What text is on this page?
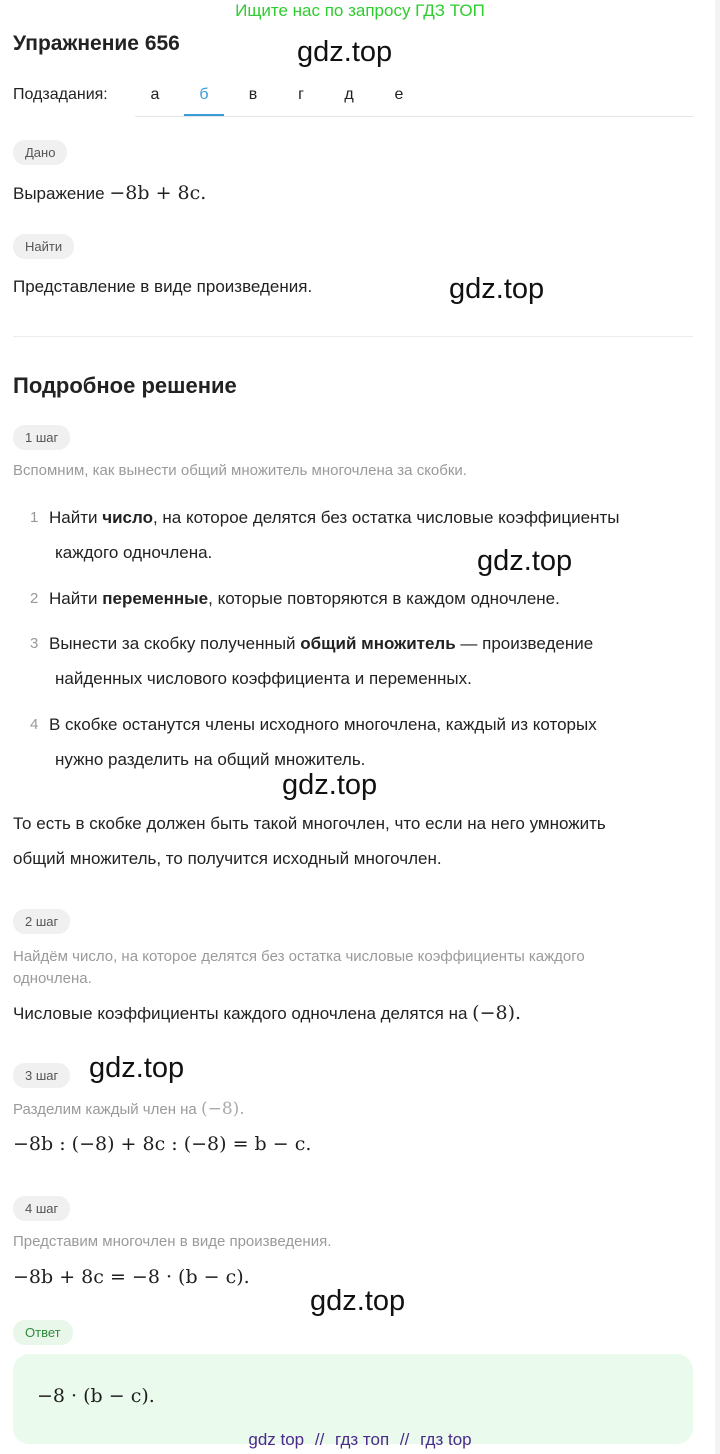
Ищите нас по запросу ГДЗ ТОП
Упражнение 656	gdz.top
Подзадания:	а	б	в	г	д	е
Дано
Выражение −8b + 8c.
Найти
Представление в виде произведения.	gdz.top
Подробное решение
1 шаг
Вспомним, как вынести общий множитель многочлена за скобки.
1 Найти число, на которое делятся без остатка числовые коэффициенты
каждого одночлена.	gdz.top
2 Найти переменные, которые повторяются в каждом одночлене.
3 Вынести за скобку полученный общий множитель — произведение
найденных числового коэффициента и переменных.
4 В скобке останутся члены исходного многочлена, каждый из которых
нужно разделить на общий множитель.
gdz.top
То есть в скобке должен быть такой многочлен, что если на него умножить
общий множитель, то получится исходный многочлен.
2 шаг
Найдём число, на которое делятся без остатка числовые коэффициенты каждого
одночлена.
Числовые коэффициенты каждого одночлена делятся на (−8).
3 шаг	gdz.top
Разделим каждый член на (−8).
−8b : (−8) + 8c : (−8) = b − c.
4 шаг
Представим многочлен в виде произведения.
−8b + 8c = −8 · (b − c).
gdz.top
Ответ
−8 · (b − c).
gdz top // гдз топ // гдз top
